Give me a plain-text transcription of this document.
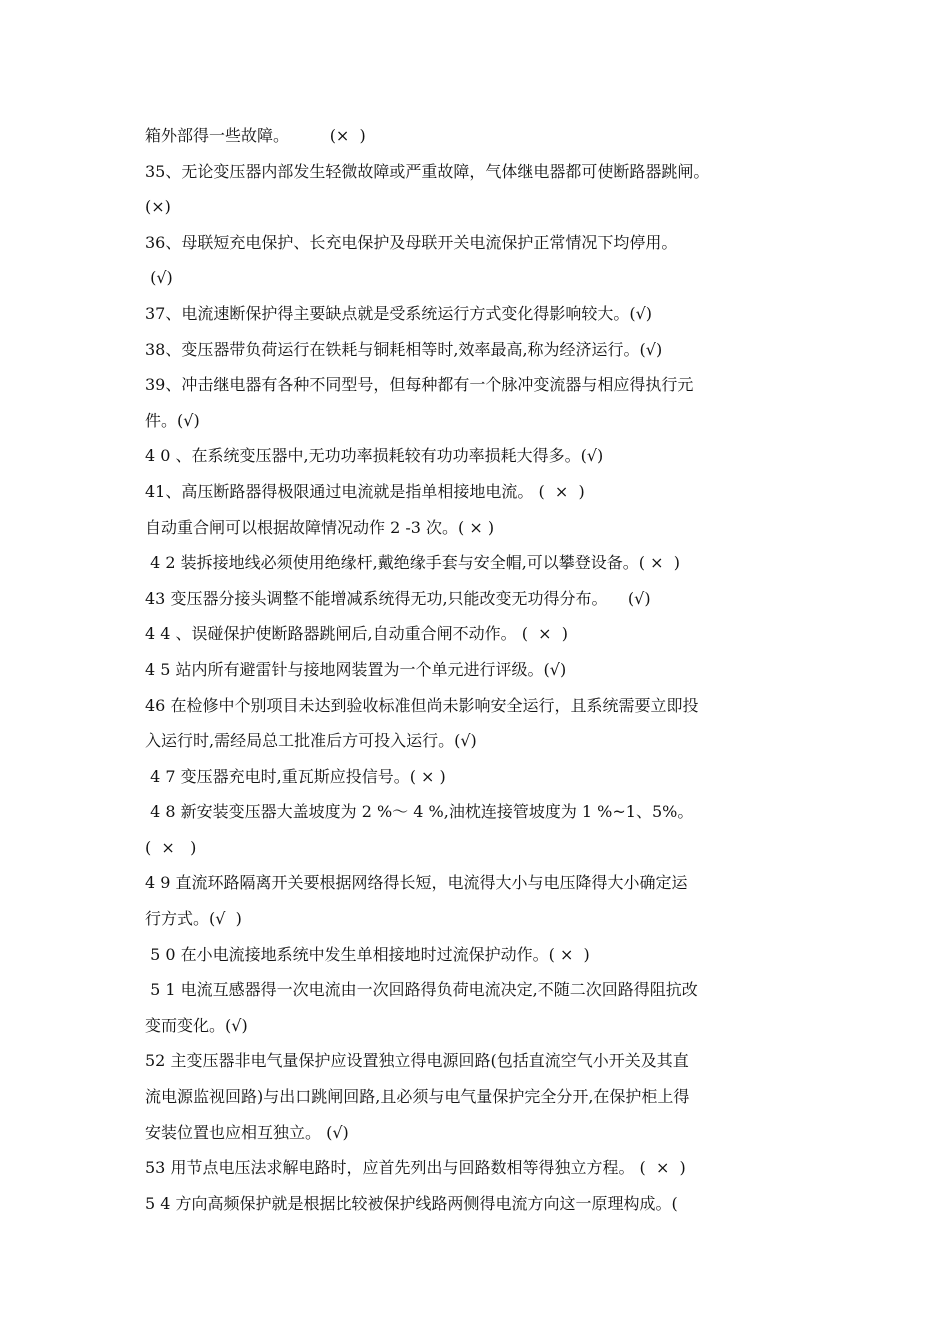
箱外部得一些故障。        (×  )
35、无论变压器内部发生轻微故障或严重故障，气体继电器都可使断路器跳闸。
(×)
36、母联短充电保护、长充电保护及母联开关电流保护正常情况下均停用。
(√)
37、电流速断保护得主要缺点就是受系统运行方式变化得影响较大。(√)
38、变压器带负荷运行在铁耗与铜耗相等时,效率最高,称为经济运行。(√)
39、冲击继电器有各种不同型号，但每种都有一个脉冲变流器与相应得执行元
件。(√)
4 0 、在系统变压器中,无功功率损耗较有功功率损耗大得多。(√)
41、高压断路器得极限通过电流就是指单相接地电流。 (  ×  )
自动重合闸可以根据故障情况动作 2 -3 次。( × )
4 2 装拆接地线必须使用绝缘杆,戴绝缘手套与安全帽,可以攀登设备。( ×  )
43 变压器分接头调整不能增减系统得无功,只能改变无功得分布。    (√)
4 4 、误碰保护使断路器跳闸后,自动重合闸不动作。 (  ×  )
4 5 站内所有避雷针与接地网装置为一个单元进行评级。(√)
46 在检修中个别项目未达到验收标准但尚未影响安全运行，且系统需要立即投
入运行时,需经局总工批准后方可投入运行。(√)
4 7 变压器充电时,重瓦斯应投信号。( × )
4 8 新安装变压器大盖坡度为 2 %～ 4 %,油枕连接管坡度为 1 %~1、5%。
(  ×   )
4 9 直流环路隔离开关要根据网络得长短，电流得大小与电压降得大小确定运
行方式。(√  )
5 0 在小电流接地系统中发生单相接地时过流保护动作。( ×  )
5 1 电流互感器得一次电流由一次回路得负荷电流决定,不随二次回路得阻抗改
变而变化。(√)
52 主变压器非电气量保护应设置独立得电源回路(包括直流空气小开关及其直
流电源监视回路)与出口跳闸回路,且必须与电气量保护完全分开,在保护柜上得
安装位置也应相互独立。 (√)
53 用节点电压法求解电路时，应首先列出与回路数相等得独立方程。 (  ×  )
5 4 方向高频保护就是根据比较被保护线路两侧得电流方向这一原理构成。(
